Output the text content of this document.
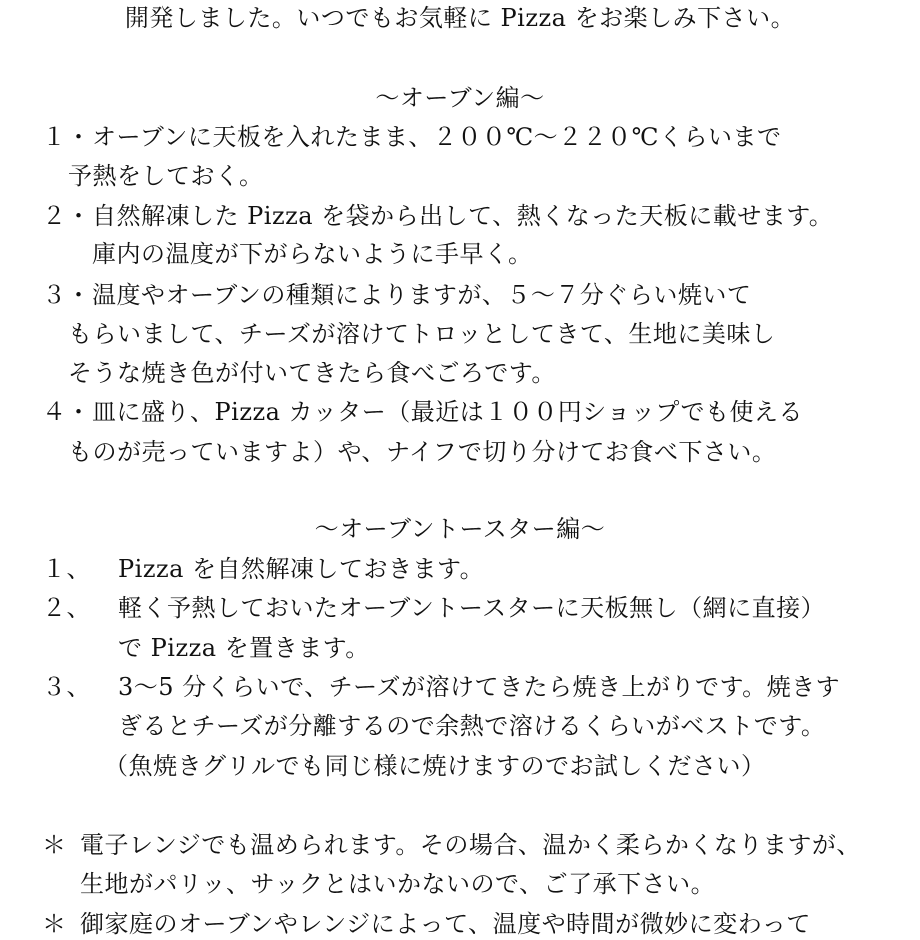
開発しました。いつでもお気軽に Pizza をお楽しみ下さい。
〜オーブン編〜
１・ オーブンに天板を入れたまま、２００℃〜２２０℃くらいまで
予熱をしておく。
２・ 自然解凍した Pizza を袋から出して、熱くなった天板に載せます。
庫内の温度が下がらないように手早く。
３・ 温度やオーブンの種類によりますが、５〜７分ぐらい焼いて
もらいまして、チーズが溶けてトロッとしてきて、生地に美味し
そうな焼き色が付いてきたら食べごろです。
４・ 皿に盛り、Pizza カッター（最近は１００円ショップでも使える
ものが売っていますよ）や、ナイフで切り分けてお食べ下さい。
〜オーブントースター編〜
１、 Pizza を自然解凍しておきます。
２、 軽く予熱しておいたオーブントースターに天板無し（網に直接）
で Pizza を置きます。
３、 3〜5 分くらいで、チーズが溶けてきたら焼き上がりです。焼きす
ぎるとチーズが分離するので余熱で溶けるくらいがベストです。
（魚焼きグリルでも同じ様に焼けますのでお試しください）
＊ 電子レンジでも温められます。その場合、温かく柔らかくなりますが、
生地がパリッ、サックとはいかないので、ご了承下さい。
＊ 御家庭のオーブンやレンジによって、温度や時間が微妙に変わって
